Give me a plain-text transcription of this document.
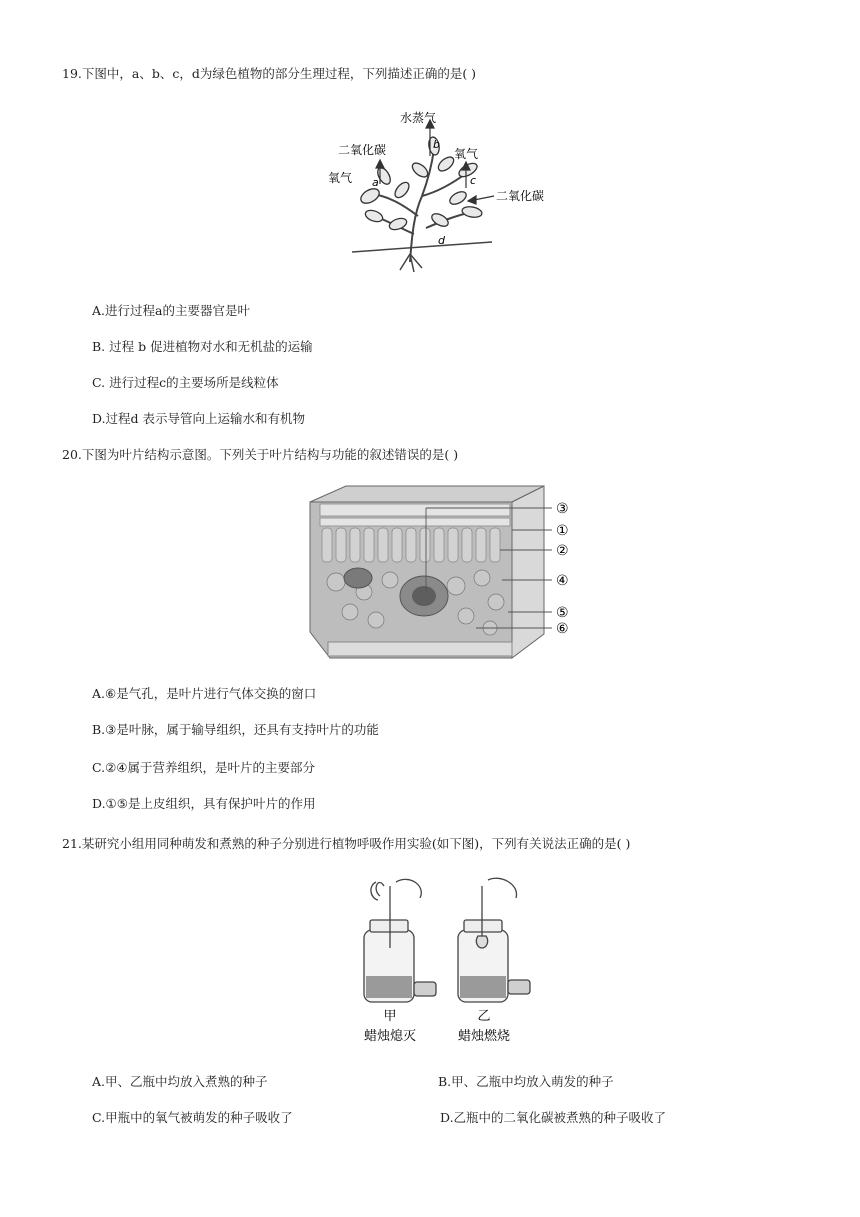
19.下图中，a、b、c，d为绿色植物的部分生理过程，下列描述正确的是( )
水蒸气
二氧化碳	氧气
氧气
二氧化碳
a
b
c
d
A.进行过程a的主要器官是叶
B. 过程 b 促进植物对水和无机盐的运输
C. 进行过程c的主要场所是线粒体
D.过程d 表示导管向上运输水和有机物
20.下图为叶片结构示意图。下列关于叶片结构与功能的叙述错误的是( )
③
①
②
④
⑤
⑥
A.⑥是气孔，是叶片进行气体交换的窗口
B.③是叶脉，属于输导组织，还具有支持叶片的功能
C.②④属于营养组织，是叶片的主要部分
D.①⑤是上皮组织，具有保护叶片的作用
21.某研究小组用同种萌发和煮熟的种子分别进行植物呼吸作用实验(如下图)，下列有关说法正确的是( )
甲
蜡烛熄灭
乙
蜡烛燃烧
A.甲、乙瓶中均放入煮熟的种子	B.甲、乙瓶中均放入萌发的种子
C.甲瓶中的氧气被萌发的种子吸收了	D.乙瓶中的二氧化碳被煮熟的种子吸收了
